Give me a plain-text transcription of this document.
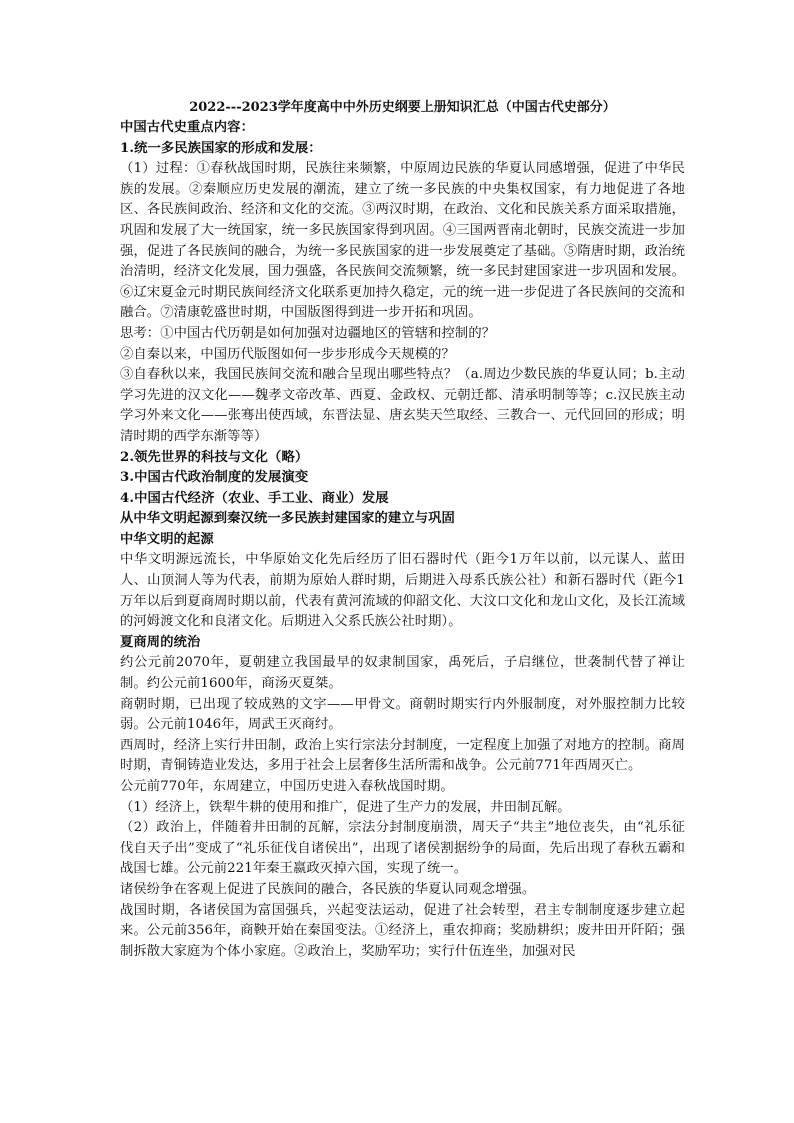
2022---2023学年度高中中外历史纲要上册知识汇总（中国古代史部分）

中国古代史重点内容：

1.统一多民族国家的形成和发展：

（1）过程：①春秋战国时期，民族往来频繁，中原周边民族的华夏认同感增强，促进了中华民族的发展。②秦顺应历史发展的潮流，建立了统一多民族的中央集权国家，有力地促进了各地区、各民族间政治、经济和文化的交流。③两汉时期，在政治、文化和民族关系方面采取措施，巩固和发展了大一统国家，统一多民族国家得到巩固。④三国两晋南北朝时，民族交流进一步加强，促进了各民族间的融合，为统一多民族国家的进一步发展奠定了基础。⑤隋唐时期，政治统治清明，经济文化发展，国力强盛，各民族间交流频繁，统一多民封建国家进一步巩固和发展。⑥辽宋夏金元时期民族间经济文化联系更加持久稳定，元的统一进一步促进了各民族间的交流和融合。⑦清康乾盛世时期，中国版图得到进一步开拓和巩固。

思考：①中国古代历朝是如何加强对边疆地区的管辖和控制的？

②自秦以来，中国历代版图如何一步步形成今天规模的？

③自春秋以来，我国民族间交流和融合呈现出哪些特点？（a.周边少数民族的华夏认同；b.主动学习先进的汉文化——魏孝文帝改革、西夏、金政权、元朝迁都、清承明制等等；c.汉民族主动学习外来文化——张骞出使西域，东晋法显、唐玄奘天竺取经、三教合一、元代回回的形成；明清时期的西学东渐等等）

2.领先世界的科技与文化（略）

3.中国古代政治制度的发展演变

4.中国古代经济（农业、手工业、商业）发展

从中华文明起源到秦汉统一多民族封建国家的建立与巩固

中华文明的起源

中华文明源远流长，中华原始文化先后经历了旧石器时代（距今1万年以前，以元谋人、蓝田人、山顶洞人等为代表，前期为原始人群时期，后期进入母系氏族公社）和新石器时代（距今1万年以后到夏商周时期以前，代表有黄河流域的仰韶文化、大汶口文化和龙山文化，及长江流域的河姆渡文化和良渚文化。后期进入父系氏族公社时期）。

夏商周的统治

约公元前2070年，夏朝建立我国最早的奴隶制国家，禹死后，子启继位，世袭制代替了禅让制。约公元前1600年，商汤灭夏桀。

商朝时期，已出现了较成熟的文字——甲骨文。商朝时期实行内外服制度，对外服控制力比较弱。公元前1046年，周武王灭商纣。

西周时，经济上实行井田制，政治上实行宗法分封制度，一定程度上加强了对地方的控制。商周时期，青铜铸造业发达，多用于社会上层奢侈生活所需和战争。公元前771年西周灭亡。

公元前770年，东周建立，中国历史进入春秋战国时期。

（1）经济上，铁犁牛耕的使用和推广，促进了生产力的发展，井田制瓦解。

（2）政治上，伴随着井田制的瓦解，宗法分封制度崩溃，周天子“共主”地位丧失，由“礼乐征伐自天子出”变成了“礼乐征伐自诸侯出”，出现了诸侯割据纷争的局面，先后出现了春秋五霸和战国七雄。公元前221年秦王嬴政灭掉六国，实现了统一。

诸侯纷争在客观上促进了民族间的融合，各民族的华夏认同观念增强。

战国时期，各诸侯国为富国强兵，兴起变法运动，促进了社会转型，君主专制制度逐步建立起来。公元前356年，商鞅开始在秦国变法。①经济上，重农抑商；奖励耕织；废井田开阡陌；强制拆散大家庭为个体小家庭。②政治上，奖励军功；实行什伍连坐，加强对民
